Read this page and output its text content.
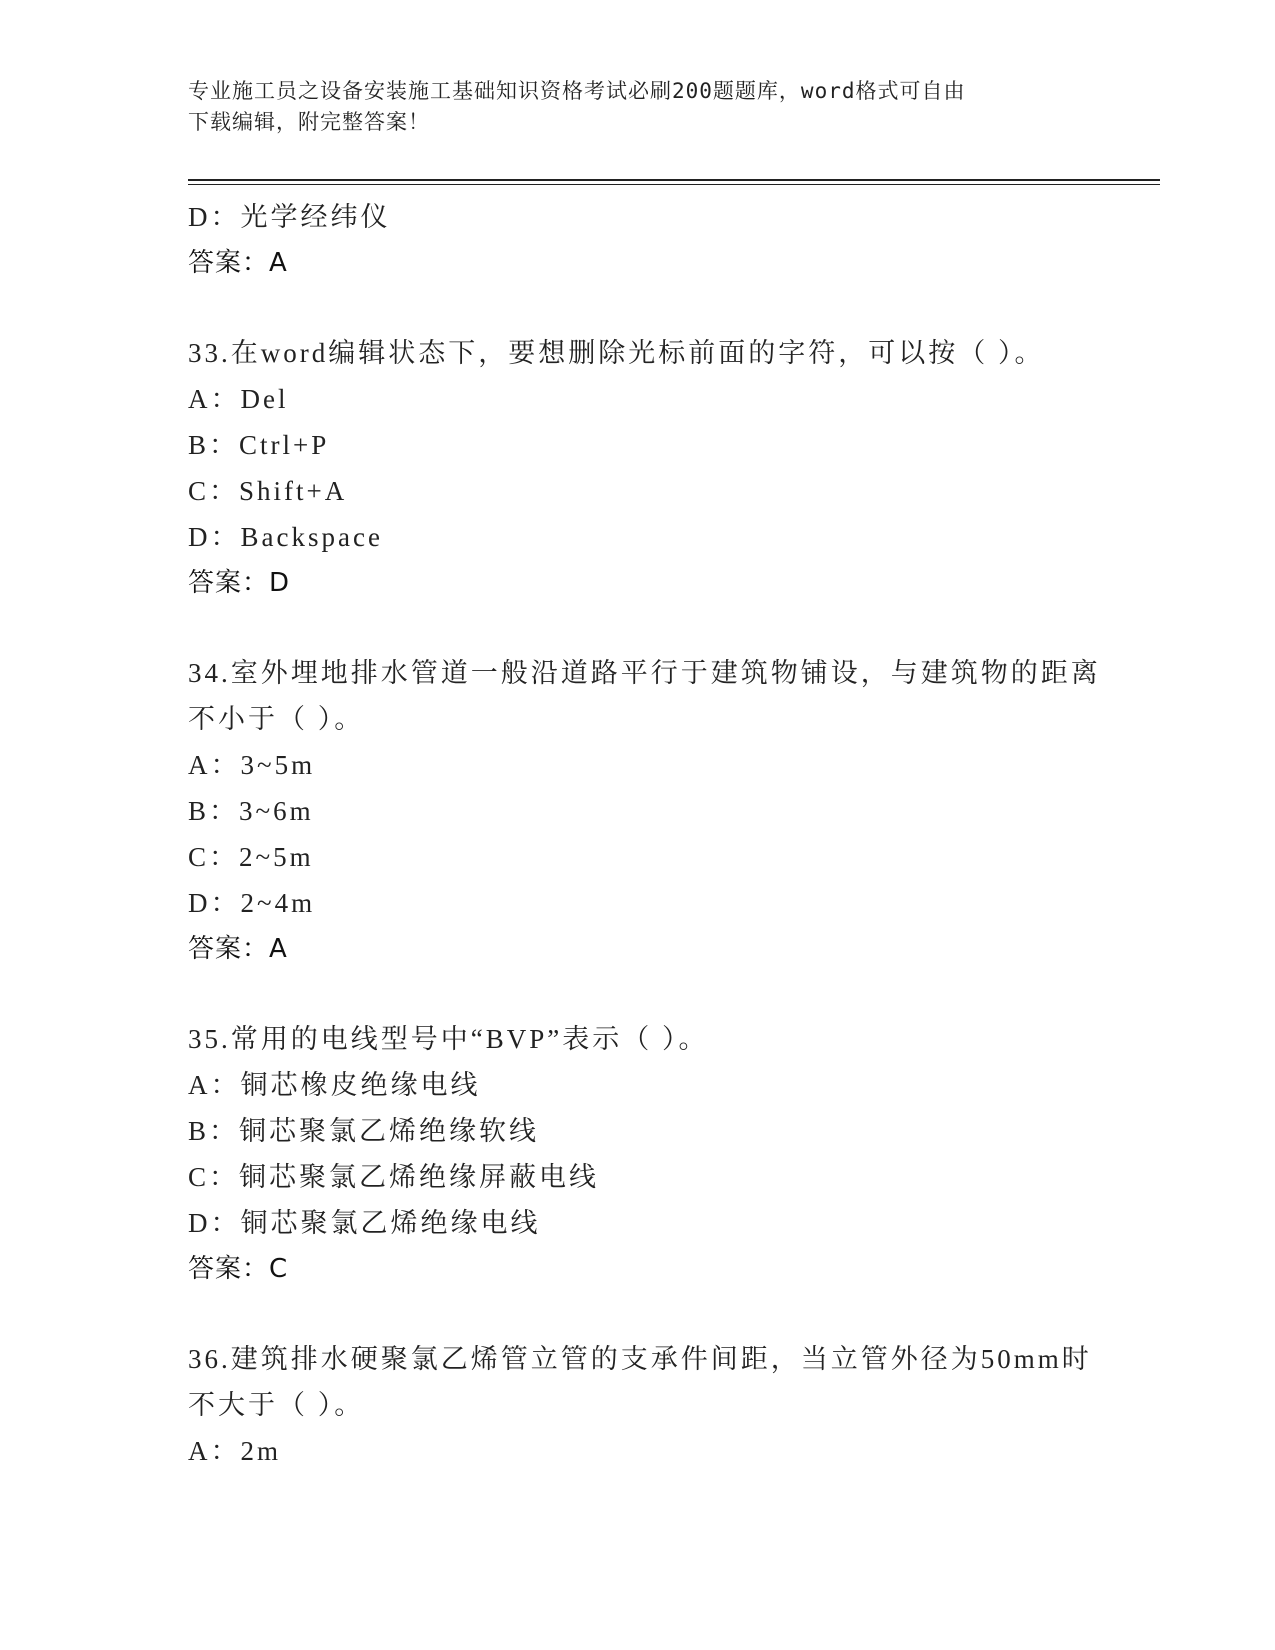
专业施工员之设备安装施工基础知识资格考试必刷200题题库，word格式可自由
下载编辑，附完整答案！
D：光学经纬仪
答案：A
33.在word编辑状态下，要想删除光标前面的字符，可以按（ ）。
A：Del
B：Ctrl+P
C：Shift+A
D：Backspace
答案：D
34.室外埋地排水管道一般沿道路平行于建筑物铺设，与建筑物的距离
不小于（ ）。
A：3~5m
B：3~6m
C：2~5m
D：2~4m
答案：A
35.常用的电线型号中“BVP”表示（ ）。
A：铜芯橡皮绝缘电线
B：铜芯聚氯乙烯绝缘软线
C：铜芯聚氯乙烯绝缘屏蔽电线
D：铜芯聚氯乙烯绝缘电线
答案：C
36.建筑排水硬聚氯乙烯管立管的支承件间距，当立管外径为50mm时
不大于（ ）。
A：2m
